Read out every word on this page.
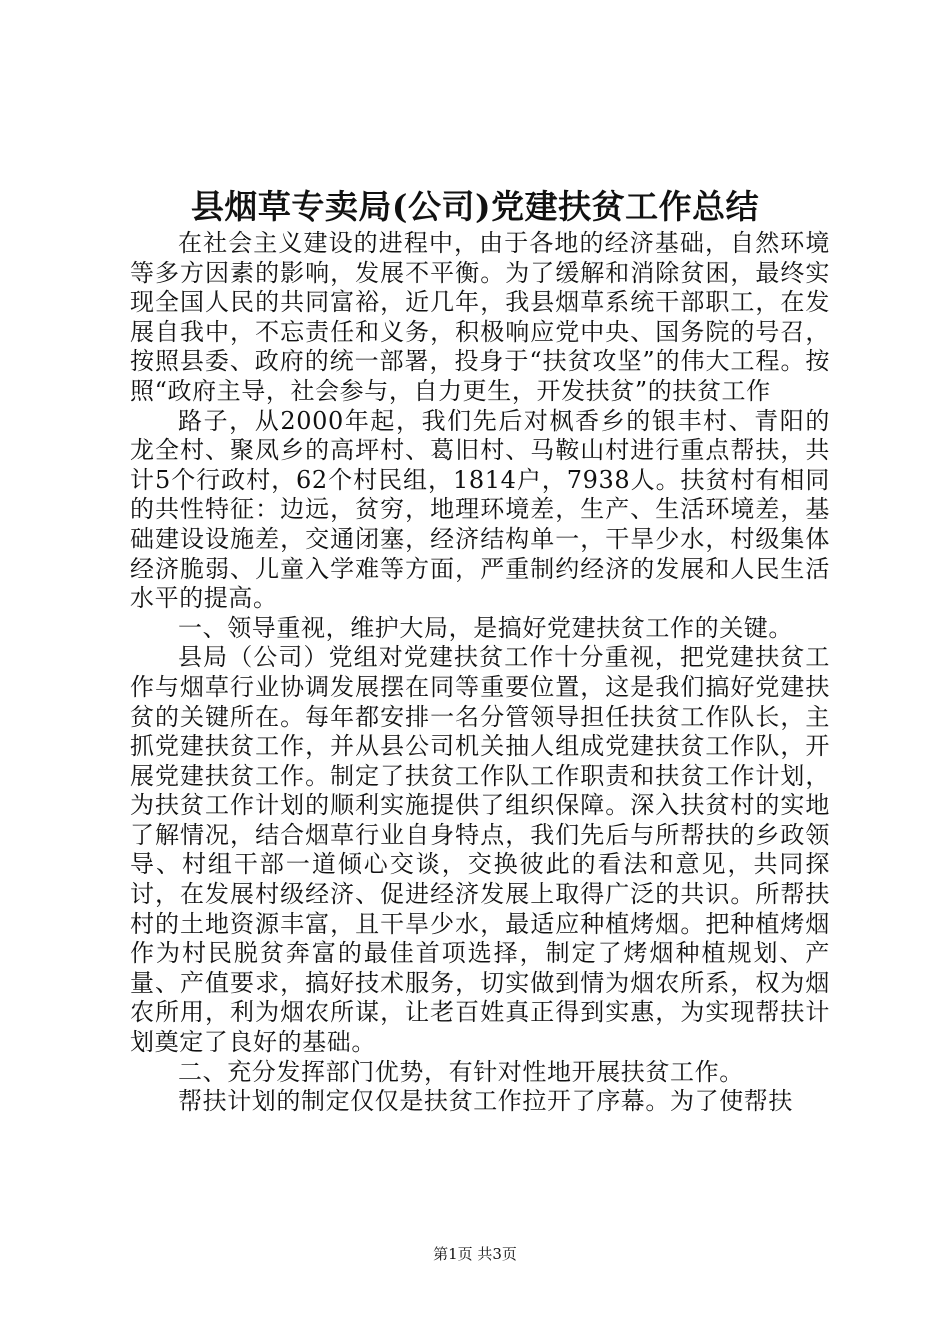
县烟草专卖局(公司)党建扶贫工作总结

在社会主义建设的进程中，由于各地的经济基础，自然环境等多方因素的影响，发展不平衡。为了缓解和消除贫困，最终实现全国人民的共同富裕，近几年，我县烟草系统干部职工，在发展自我中，不忘责任和义务，积极响应党中央、国务院的号召，按照县委、政府的统一部署，投身于“扶贫攻坚”的伟大工程。按照“政府主导，社会参与，自力更生，开发扶贫”的扶贫工作

路子，从2000年起，我们先后对枫香乡的银丰村、青阳的龙全村、聚凤乡的高坪村、葛旧村、马鞍山村进行重点帮扶，共计5个行政村，62个村民组，1814户，7938人。扶贫村有相同的共性特征：边远，贫穷，地理环境差，生产、生活环境差，基础建设设施差，交通闭塞，经济结构单一，干旱少水，村级集体经济脆弱、儿童入学难等方面，严重制约经济的发展和人民生活水平的提高。

一、领导重视，维护大局，是搞好党建扶贫工作的关键。

县局（公司）党组对党建扶贫工作十分重视，把党建扶贫工作与烟草行业协调发展摆在同等重要位置，这是我们搞好党建扶贫的关键所在。每年都安排一名分管领导担任扶贫工作队长，主抓党建扶贫工作，并从县公司机关抽人组成党建扶贫工作队，开展党建扶贫工作。制定了扶贫工作队工作职责和扶贫工作计划，为扶贫工作计划的顺利实施提供了组织保障。深入扶贫村的实地了解情况，结合烟草行业自身特点，我们先后与所帮扶的乡政领导、村组干部一道倾心交谈，交换彼此的看法和意见，共同探讨，在发展村级经济、促进经济发展上取得广泛的共识。所帮扶村的土地资源丰富，且干旱少水，最适应种植烤烟。把种植烤烟作为村民脱贫奔富的最佳首项选择，制定了烤烟种植规划、产量、产值要求，搞好技术服务，切实做到情为烟农所系，权为烟农所用，利为烟农所谋，让老百姓真正得到实惠，为实现帮扶计划奠定了良好的基础。

二、充分发挥部门优势，有针对性地开展扶贫工作。

帮扶计划的制定仅仅是扶贫工作拉开了序幕。为了使帮扶

第1页 共3页
